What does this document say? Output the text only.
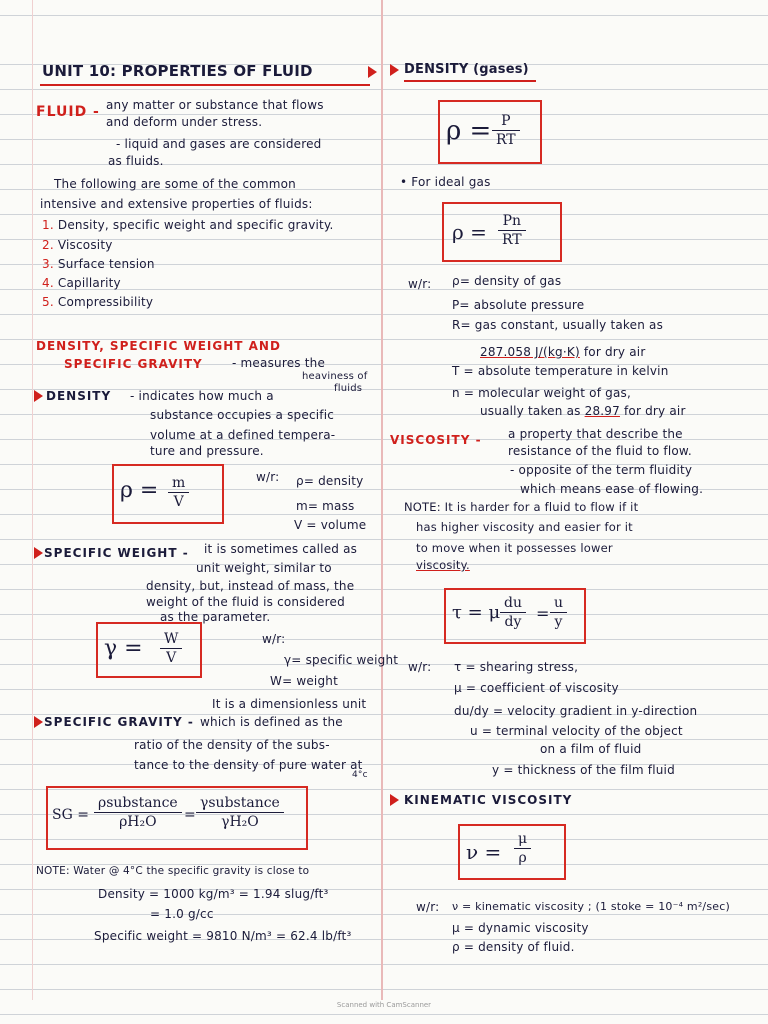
UNIT 10: PROPERTIES OF FLUID
FLUID - any matter or substance that flows
and deform under stress.
- liquid and gases are considered
as fluids.
The following are some of the common
intensive and extensive properties of fluids:
1. Density, specific weight and specific gravity.
2. Viscosity
3. Surface tension
4. Capillarity
5. Compressibility
DENSITY, SPECIFIC WEIGHT AND
SPECIFIC GRAVITY - measures the
heaviness of
fluids
DENSITY - indicates how much a
substance occupies a specific
volume at a defined tempera-
ture and pressure.
ρ = m
V
w/r: ρ= density
m= mass
V = volume
SPECIFIC WEIGHT - it is sometimes called as
unit weight, similar to
density, but, instead of mass, the
weight of the fluid is considered
as the parameter.
γ = W
V
w/r:
γ= specific weight
W= weight
It is a dimensionless unit
SPECIFIC GRAVITY - which is defined as the
ratio of the density of the subs-
tance to the density of pure water at
4°c
SG =
ρsubstance
ρH₂O =
γsubstance
γH₂O
NOTE: Water @ 4°C the specific gravity is close to
Density = 1000 kg/m³ = 1.94 slug/ft³
= 1.0 g/cc
Specific weight = 9810 N/m³ = 62.4 lb/ft³
DENSITY (gases)
ρ = P
RT
• For ideal gas
ρ = Pn
RT
w/r: ρ= density of gas
P= absolute pressure
R= gas constant, usually taken as
287.058 J/(kg·K) for dry air
T = absolute temperature in kelvin
n = molecular weight of gas,
usually taken as 28.97 for dry air
VISCOSITY - a property that describe the
resistance of the fluid to flow.
- opposite of the term fluidity
which means ease of flowing.
NOTE: It is harder for a fluid to flow if it
has higher viscosity and easier for it
to move when it possesses lower
viscosity.
τ = μ du
dy =
u
y
w/r: τ = shearing stress,
μ = coefficient of viscosity
du/dy = velocity gradient in y-direction
u = terminal velocity of the object
on a film of fluid
y = thickness of the film fluid
KINEMATIC VISCOSITY
ν =
μ
ρ
w/r: ν = kinematic viscosity ; (1 stoke = 10⁻⁴ m²/sec)
μ = dynamic viscosity
ρ = density of fluid.
Scanned with CamScanner
